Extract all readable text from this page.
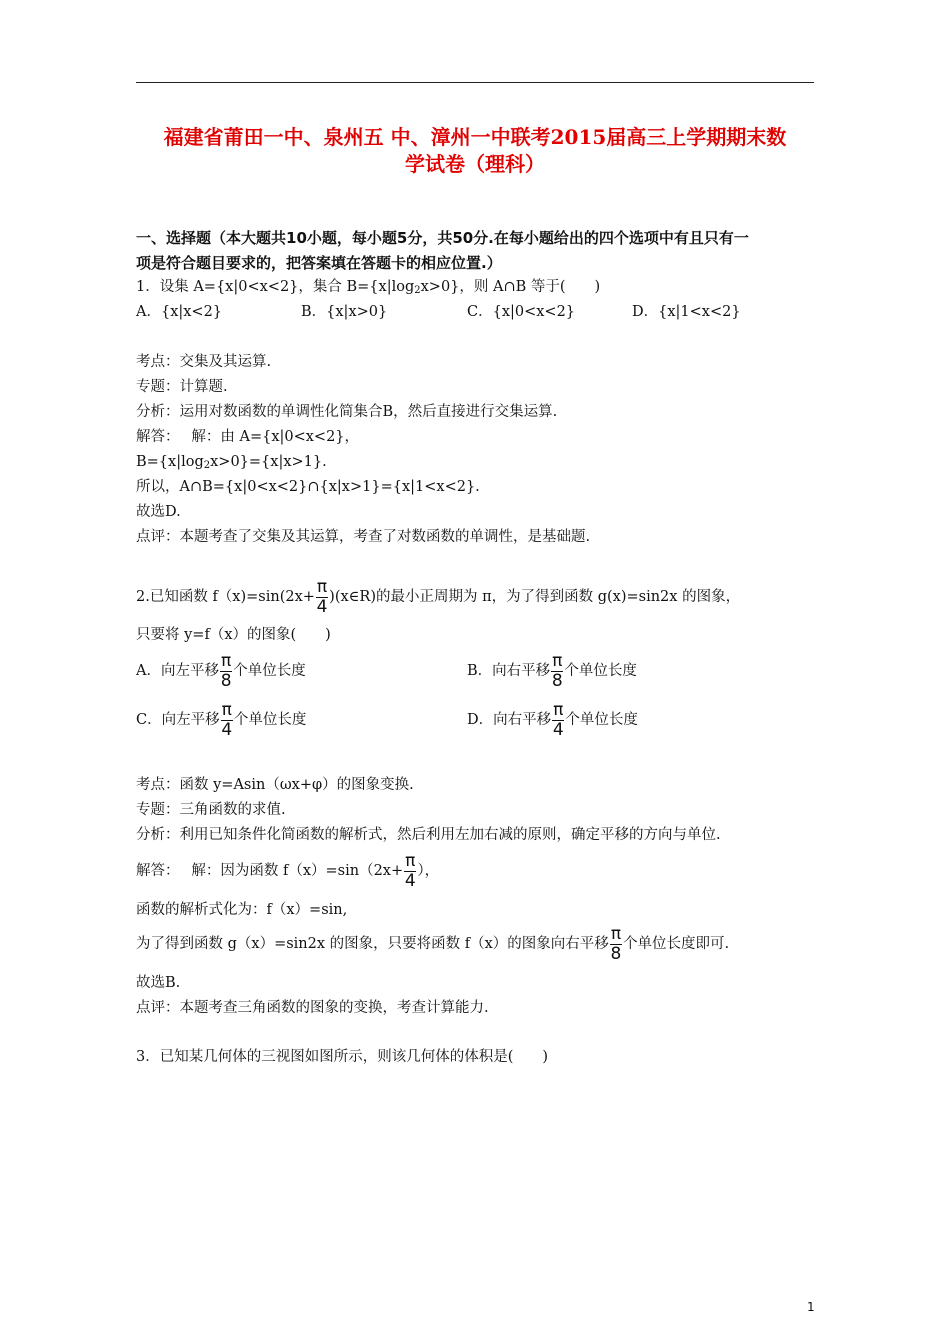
福建省莆田一中、泉州五 中、漳州一中联考2015届高三上学期期末数
学试卷（理科）
一、选择题（本大题共10小题，每小题5分，共50分.在每小题给出的四个选项中有且只有一
项是符合题目要求的，把答案填在答题卡的相应位置.）
1．设集 A={x|0<x<2}，集合 $B=\{x|\log_2x>0\}$，则 A∩B 等于(　　)
A．{x|x<2}	B．{x|x>0}	C．{x|0<x<2}	D．{x|1<x<2}
考点：交集及其运算.
专题：计算题.
分析：运用对数函数的单调性化简集合B，然后直接进行交集运算.
解答：　 解：由 A={x|0<x<2}，
$B=\{x|\log_2x>0\}=\{x|x>1\}$.
所以，A∩B={x|0<x<2}∩{x|x>1}={x|1<x<2}.
故选D.
点评：本题考查了交集及其运算，考查了对数函数的单调性，是基础题.
2.已知函数 $f(x)=\sin(2x+ \frac{\pi}{4}$ )(x∈R)的最小正周期为 π，为了得到函数 g(x)=sin2x 的图象，
只要将 y=f（x）的图象(　　)
A．向左平移 $\frac{\pi}{8}$ 个单位长度	B．向右平移 $\frac{\pi}{8}$ 个单位长度
C．向左平移 $\frac{\pi}{4}$ 个单位长度	D．向右平移 $\frac{\pi}{4}$ 个单位长度
考点：函数 y=Asin（ωx+φ）的图象变换.
专题：三角函数的求值.
分析：利用已知条件化简函数的解析式，然后利用左加右减的原则，确定平移的方向与单位.
解答：　 解：因为函数 $f(x)=\sin(2x+ \frac{\pi}{4}$ ），
函数的解析式化为：f（x）=sin,
为了得到函数 g（x）=sin2x 的图象，只要将函数 f（x）的图象向右平移 $\frac{\pi}{8}$ 个单位长度即可.
故选B.
点评：本题考查三角函数的图象的变换，考查计算能力.
3．已知某几何体的三视图如图所示，则该几何体的体积是(　　)
1
